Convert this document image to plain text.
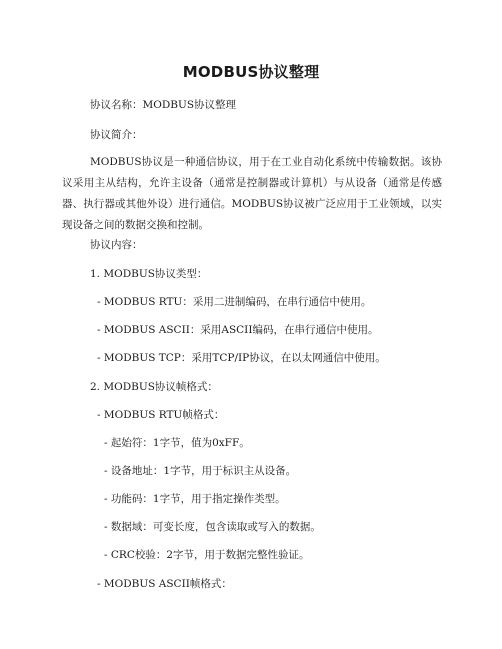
MODBUS协议整理
协议名称：MODBUS协议整理
协议简介：
MODBUS协议是一种通信协议，用于在工业自动化系统中传输数据。该协议采用主从结构，允许主设备（通常是控制器或计算机）与从设备（通常是传感器、执行器或其他外设）进行通信。MODBUS协议被广泛应用于工业领域，以实现设备之间的数据交换和控制。
协议内容：
1. MODBUS协议类型：
- MODBUS RTU：采用二进制编码，在串行通信中使用。
- MODBUS ASCII：采用ASCII编码，在串行通信中使用。
- MODBUS TCP：采用TCP/IP协议，在以太网通信中使用。
2. MODBUS协议帧格式：
- MODBUS RTU帧格式：
- 起始符：1字节，值为0xFF。
- 设备地址：1字节，用于标识主从设备。
- 功能码：1字节，用于指定操作类型。
- 数据域：可变长度，包含读取或写入的数据。
- CRC校验：2字节，用于数据完整性验证。
- MODBUS ASCII帧格式：
